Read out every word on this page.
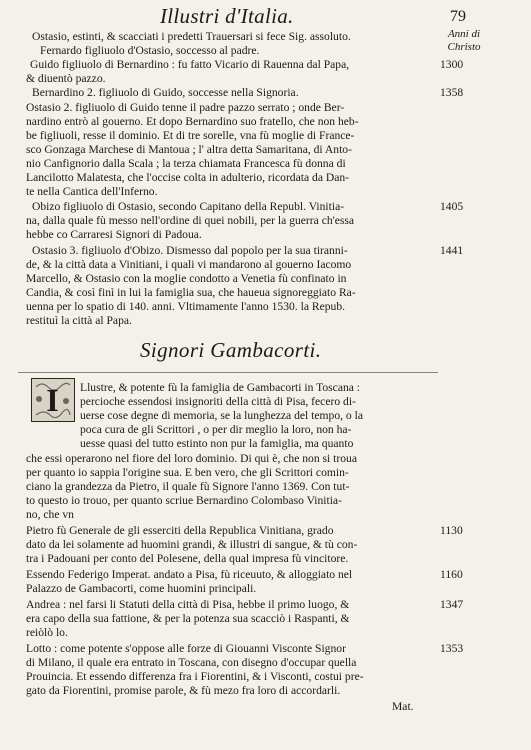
Illustri d'Italia.	79
Anni di
Christo
Ostasio, estinti, & scacciati i predetti Trauersari si fece Sig. assoluto.
Fernardo figliuolo d'Ostasio, soccesso al padre.
Guido figliuolo di Bernardino : fu fatto Vicario di Rauenna dal Papa,	1300
& diuentò pazzo.
Bernardino 2. figliuolo di Guido, soccesse nella Signoria.	1358
Ostasio 2. figliuolo di Guido tenne il padre pazzo serrato ; onde Ber-
nardino entrò al gouerno. Et dopo Bernardino suo fratello, che non heb-
be figliuoli, resse il dominio. Et di tre sorelle, vna fù moglie di France-
sco Gonzaga Marchese di Mantoua ; l' altra detta Samaritana, di Anto-
nio Canfignorio dalla Scala ; la terza chiamata Francesca fù donna di
Lancilotto Malatesta, che l'occise colta in adulterio, ricordata da Dan-
te nella Cantica dell'Inferno.
Obizo figliuolo di Ostasio, secondo Capitano della Republ. Vinitia-	1405
na, dalla quale fù messo nell'ordine di quei nobili, per la guerra ch'essa
hebbe co Carraresi Signori di Padoua.
Ostasio 3. figliuolo d'Obizo. Dismesso dal popolo per la sua tiranni-	1441
de, & la città data a Vinitiani, i quali vi mandarono al gouerno Iacomo
Marcello, & Ostasio con la moglie condotto a Venetia fù confinato in
Candia, & così finì in lui la famiglia sua, che haueua signoreggiato Ra-
uenna per lo spatio di 140. anni. Vltimamente l'anno 1530. la Repub.
restituì la città al Papa.
Signori Gambacorti.
I	Llustre, & potente fù la famiglia de Gambacorti in Toscana :
percioche essendosi insignoriti della città di Pisa, fecero di-
uerse cose degne di memoria, se la lunghezza del tempo, o la
poca cura de gli Scrittori , o per dir meglio la loro, non ha-
uesse quasi del tutto estinto non pur la famiglia, ma quanto
che essi operarono nel fiore del loro dominio. Di qui è, che non si troua
per quanto io sappia l'origine sua. E ben vero, che gli Scrittori comin-
ciano la grandezza da Pietro, il quale fù Signore l'anno 1369. Con tut-
to questo io trouo, per quanto scriue Bernardino Colombaso Vinitia-
no, che vn
Pietro fù Generale de gli esserciti della Republica Vinitiana, grado	1130
dato da lei solamente ad huomini grandi, & illustri di sangue, & tù con-
tra i Padouani per conto del Polesene, della qual impresa fù vincitore.
Essendo Federigo Imperat. andato a Pisa, fù riceuuto, & alloggiato nel	1160
Palazzo de Gambacorti, come huomini principali.
Andrea : nel farsi li Statuti della città di Pisa, hebbe il primo luogo, &	1347
era capo della sua fattione, & per la potenza sua scacciò i Raspanti, &
reiòlò lo.
Lotto : come potente s'oppose alle forze di Giouanni Visconte Signor	1353
di Milano, il quale era entrato in Toscana, con disegno d'occupar quella
Prouincia. Et essendo differenza fra i Fiorentini, & i Visconti, costui pre-
gato da Fiorentini, promise parole, & fù mezo fra loro di accordarli.
Mat.
